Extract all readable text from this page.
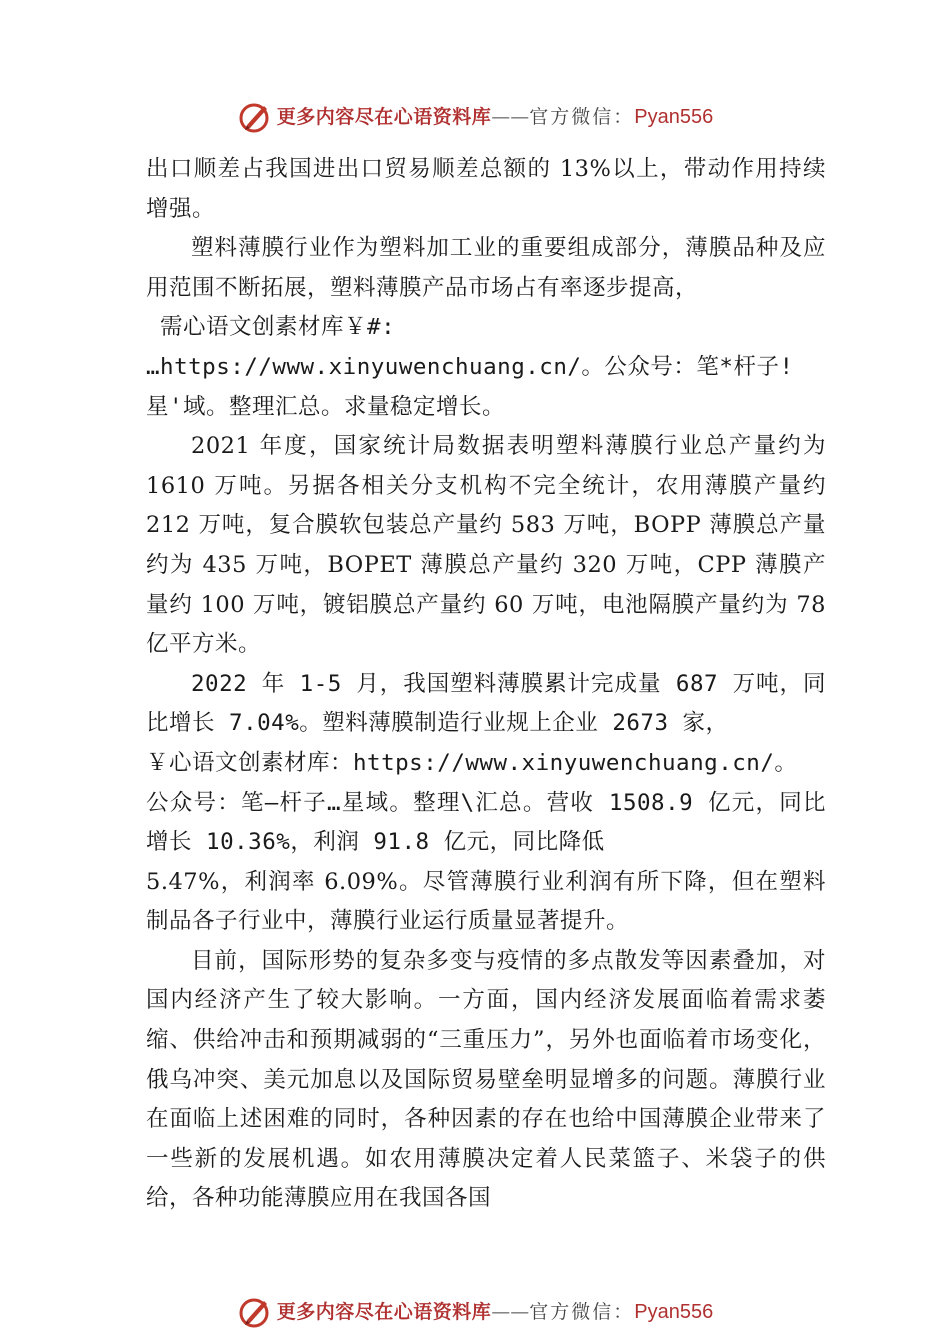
更多内容尽在心语资料库 —— 官方微信： Pyan556

出口顺差占我国进出口贸易顺差总额的 13%以上，带动作用持续增强。

塑料薄膜行业作为塑料加工业的重要组成部分，薄膜品种及应用范围不断拓展，塑料薄膜产品市场占有率逐步提高，

需心语文创素材库￥#:

…https://www.xinyuwenchuang.cn/。公众号：笔*杆子!

星'域。整理汇总。求量稳定增长。

2021 年度，国家统计局数据表明塑料薄膜行业总产量约为 1610 万吨。另据各相关分支机构不完全统计，农用薄膜产量约 212 万吨，复合膜软包装总产量约 583 万吨，BOPP 薄膜总产量约为 435 万吨，BOPET 薄膜总产量约 320 万吨，CPP 薄膜产量约 100 万吨，镀铝膜总产量约 60 万吨，电池隔膜产量约为 78 亿平方米。

2022 年 1-5 月，我国塑料薄膜累计完成量 687 万吨，同比增长 7.04%。塑料薄膜制造行业规上企业 2673 家，

￥心语文创素材库：https://www.xinyuwenchuang.cn/。

公众号：笔—杆子…星域。整理\汇总。营收 1508.9 亿元，同比增长 10.36%，利润 91.8 亿元，同比降低

5.47%，利润率 6.09%。尽管薄膜行业利润有所下降，但在塑料制品各子行业中，薄膜行业运行质量显著提升。

目前，国际形势的复杂多变与疫情的多点散发等因素叠加，对国内经济产生了较大影响。一方面，国内经济发展面临着需求萎缩、供给冲击和预期减弱的“三重压力”，另外也面临着市场变化，俄乌冲突、美元加息以及国际贸易壁垒明显增多的问题。薄膜行业在面临上述困难的同时，各种因素的存在也给中国薄膜企业带来了一些新的发展机遇。如农用薄膜决定着人民菜篮子、米袋子的供给，各种功能薄膜应用在我国各国

更多内容尽在心语资料库 —— 官方微信： Pyan556
